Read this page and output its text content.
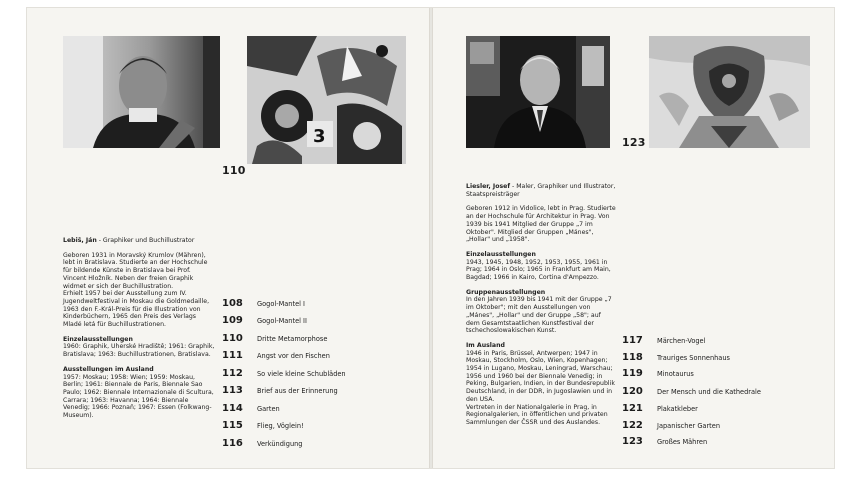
3
110

Lebiš, Ján - Graphiker und Buchillustrator

Geboren 1931 in Moravský Krumlov (Mähren), lebt in Bratislava. Studierte an der Hochschule für bildende Künste in Bratislava bei Prof. Vincent Hložník. Neben der freien Graphik widmet er sich der Buchillustration.

Erhielt 1957 bei der Ausstellung zum IV. Jugendweltfestival in Moskau die Goldmedaille, 1963 den F.-Král-Preis für die Illustration von Kinderbüchern, 1965 den Preis des Verlags Mladé letá für Buchillustrationen.

Einzelausstellungen

1960: Graphik, Uherské Hradiště; 1961: Graphik, Bratislava; 1963: Buchillustrationen, Bratislava.

Ausstellungen im Ausland

1957: Moskau; 1958: Wien; 1959: Moskau, Berlin; 1961: Biennale de Paris, Biennale Sao Paulo; 1962: Biennale Internazionale di Scultura, Carrara; 1963: Havanna; 1964: Biennale Venedig; 1966: Poznaň; 1967: Essen (Folkwang-Museum).

108 Gogol-Mantel I
109 Gogol-Mantel II
110 Dritte Metamorphose
111 Angst vor den Fischen
112 So viele kleine Schubläden
113 Brief aus der Erinnerung
114 Garten
115 Flieg, Vöglein!
116 Verkündigung
123

Liesler, Josef - Maler, Graphiker und Illustrator, Staatspreisträger

Geboren 1912 in Vidolice, lebt in Prag. Studierte an der Hochschule für Architektur in Prag. Von 1939 bis 1941 Mitglied der Gruppe „7 im Oktober". Mitglied der Gruppen „Mánes", „Hollar" und „1958".

Einzelausstellungen

1943, 1945, 1948, 1952, 1953, 1955, 1961 in Prag; 1964 in Oslo; 1965 in Frankfurt am Main, Bagdad; 1966 in Kairo, Cortina d'Ampezzo.

Gruppenausstellungen

In den Jahren 1939 bis 1941 mit der Gruppe „7 im Oktober"; mit den Ausstellungen von „Mánes", „Hollar" und der Gruppe „58"; auf dem Gesamtstaatlichen Kunstfestival der tschechoslowakischen Kunst.

Im Ausland

1946 in Paris, Brüssel, Antwerpen; 1947 in Moskau, Stockholm, Oslo, Wien, Kopenhagen; 1954 in Lugano, Moskau, Leningrad, Warschau; 1956 und 1960 bei der Biennale Venedig; in Peking, Bulgarien, Indien, in der Bundesrepublik Deutschland, in der DDR, in Jugoslawien und in den USA.

Vertreten in der Nationalgalerie in Prag, in Regionalgalerien, in öffentlichen und privaten Sammlungen der ČSSR und des Auslandes.

117 Märchen-Vogel
118 Trauriges Sonnenhaus
119 Minotaurus
120 Der Mensch und die Kathedrale
121 Plakatkleber
122 Japanischer Garten
123 Großes Mähren
